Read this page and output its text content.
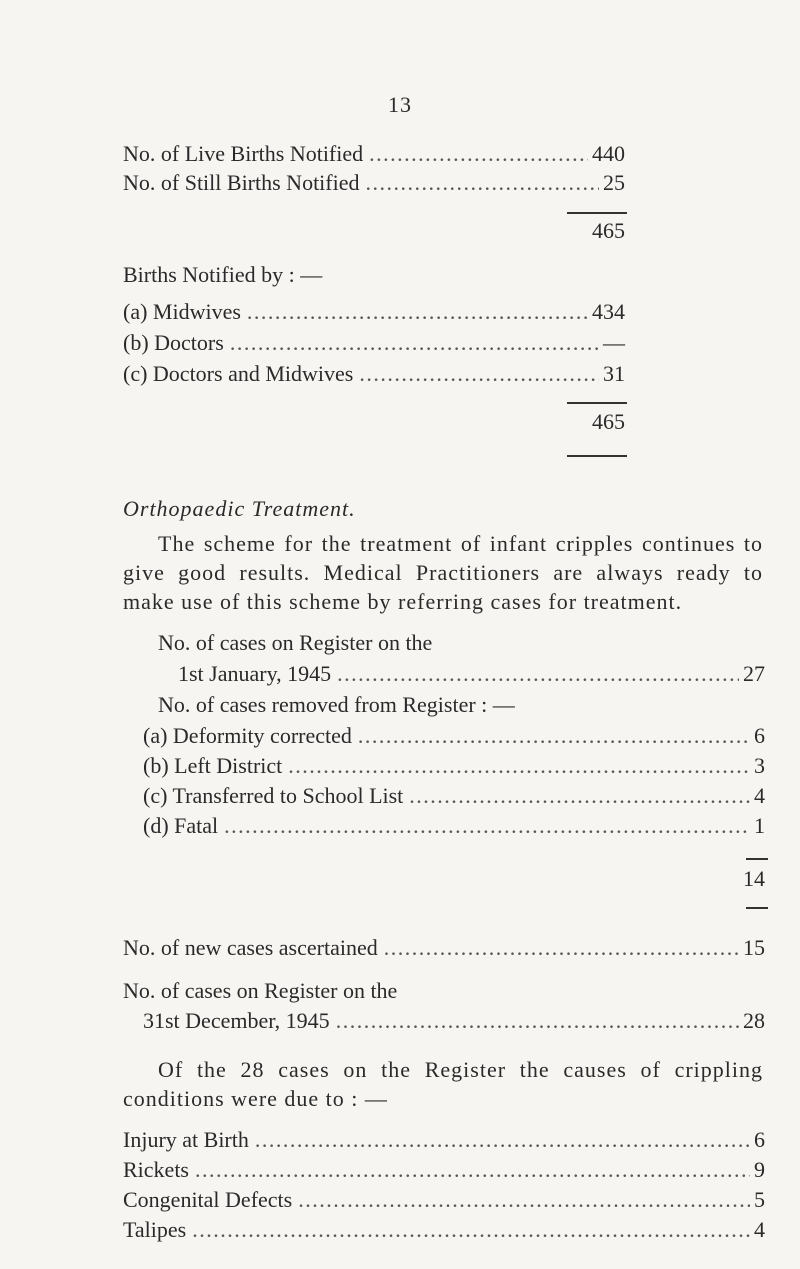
13
No. of Live Births Notified .....	440
No. of Still Births Notified .....	25
465
Births Notified by : —
(a) Midwives .....	434
(b) Doctors .....	—
(c) Doctors and Midwives .....	31
465
Orthopaedic Treatment.
The scheme for the treatment of infant cripples continues to give good results. Medical Practitioners are always ready to make use of this scheme by referring cases for treatment.
No. of cases on Register on the
1st January, 1945 .....	27
No. of cases removed from Register : —
(a) Deformity corrected .....	6
(b) Left District .....	3
(c) Transferred to School List .....	4
(d) Fatal .....	1
14
No. of new cases ascertained .....	15
No. of cases on Register on the
31st December, 1945 .....	28
Of the 28 cases on the Register the causes of crippling conditions were due to : —
Injury at Birth .....	6
Rickets .....	9
Congenital Defects .....	5
Talipes .....	4
